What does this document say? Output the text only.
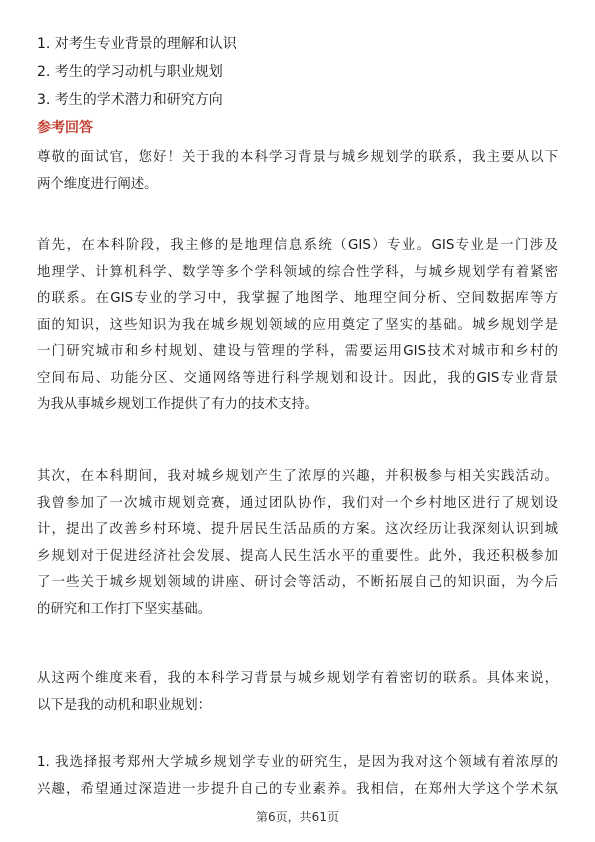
1. 对考生专业背景的理解和认识
2. 考生的学习动机与职业规划
3. 考生的学术潜力和研究方向
参考回答
尊敬的面试官，您好！关于我的本科学习背景与城乡规划学的联系，我主要从以下
两个维度进行阐述。
首先，在本科阶段，我主修的是地理信息系统（GIS）专业。GIS专业是一门涉及
地理学、计算机科学、数学等多个学科领域的综合性学科，与城乡规划学有着紧密
的联系。在GIS专业的学习中，我掌握了地图学、地理空间分析、空间数据库等方
面的知识，这些知识为我在城乡规划领域的应用奠定了坚实的基础。城乡规划学是
一门研究城市和乡村规划、建设与管理的学科，需要运用GIS技术对城市和乡村的
空间布局、功能分区、交通网络等进行科学规划和设计。因此，我的GIS专业背景
为我从事城乡规划工作提供了有力的技术支持。
其次，在本科期间，我对城乡规划产生了浓厚的兴趣，并积极参与相关实践活动。
我曾参加了一次城市规划竞赛，通过团队协作，我们对一个乡村地区进行了规划设
计，提出了改善乡村环境、提升居民生活品质的方案。这次经历让我深刻认识到城
乡规划对于促进经济社会发展、提高人民生活水平的重要性。此外，我还积极参加
了一些关于城乡规划领域的讲座、研讨会等活动，不断拓展自己的知识面，为今后
的研究和工作打下坚实基础。
从这两个维度来看，我的本科学习背景与城乡规划学有着密切的联系。具体来说，
以下是我的动机和职业规划：
1. 我选择报考郑州大学城乡规划学专业的研究生，是因为我对这个领域有着浓厚的
兴趣，希望通过深造进一步提升自己的专业素养。我相信，在郑州大学这个学术氛
第6页，共61页
